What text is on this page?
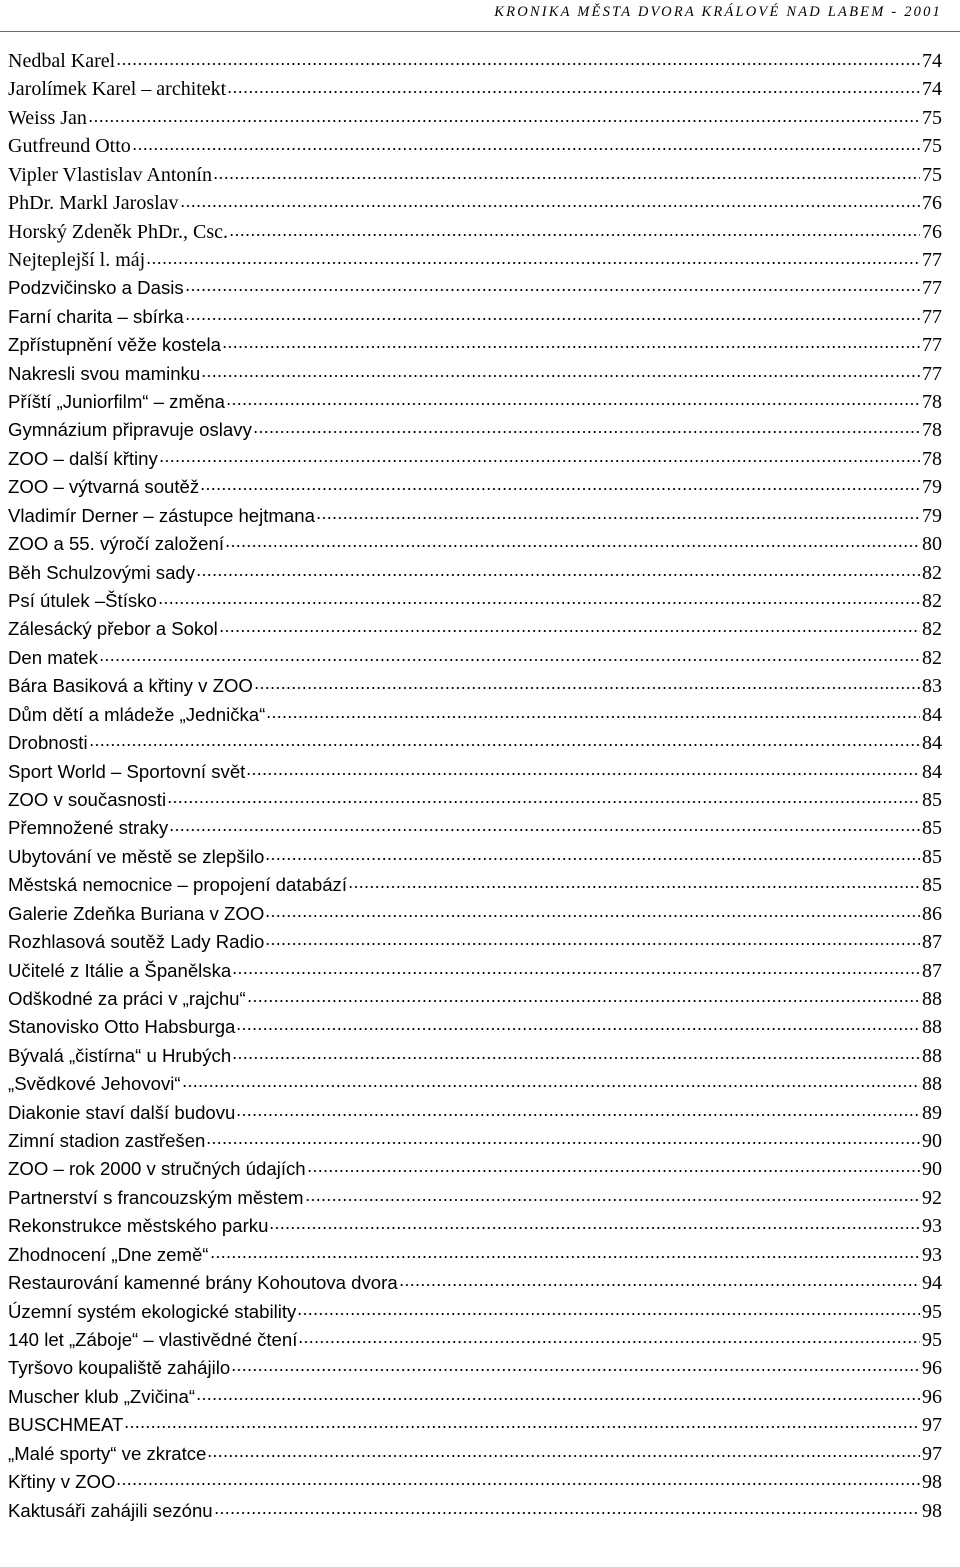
KRONIKA MĚSTA DVORA KRÁLOVÉ NAD LABEM - 2001
Nedbal Karel	74
Jarolímek Karel – architekt	74
Weiss Jan	75
Gutfreund Otto	75
Vipler Vlastislav Antonín	75
PhDr. Markl Jaroslav	76
Horský Zdeněk PhDr., Csc.	76
Nejteplejší l. máj	77
Podzvičinsko a Dasis	77
Farní charita – sbírka	77
Zpřístupnění věže kostela	77
Nakresli svou maminku	77
Příští „Juniorfilm“ – změna	78
Gymnázium připravuje oslavy	78
ZOO – další křtiny	78
ZOO – výtvarná soutěž	79
Vladimír Derner – zástupce hejtmana	79
ZOO a 55. výročí založení	80
Běh Schulzovými sady	82
Psí útulek –Štísko	82
Zálesácký přebor a Sokol	82
Den matek	82
Bára Basiková a křtiny v ZOO	83
Dům dětí a mládeže „Jednička“	84
Drobnosti	84
Sport World – Sportovní svět	84
ZOO v současnosti	85
Přemnožené straky	85
Ubytování ve městě se zlepšilo	85
Městská nemocnice – propojení databází	85
Galerie Zdeňka Buriana v ZOO	86
Rozhlasová soutěž Lady Radio	87
Učitelé z Itálie a Španělska	87
Odškodné za práci v „rajchu“	88
Stanovisko Otto Habsburga	88
Bývalá „čistírna“ u Hrubých	88
„Svědkové Jehovovi“	88
Diakonie staví další budovu	89
Zimní stadion zastřešen	90
ZOO – rok 2000 v stručných údajích	90
Partnerství s francouzským městem	92
Rekonstrukce městského parku	93
Zhodnocení „Dne země“	93
Restaurování kamenné brány Kohoutova dvora	94
Územní systém ekologické stability	95
140 let „Záboje“ – vlastivědné čtení	95
Tyršovo koupaliště zahájilo	96
Muscher klub „Zvičina“	96
BUSCHMEAT	97
„Malé sporty“ ve zkratce	97
Křtiny v ZOO	98
Kaktusáři zahájili sezónu	98
